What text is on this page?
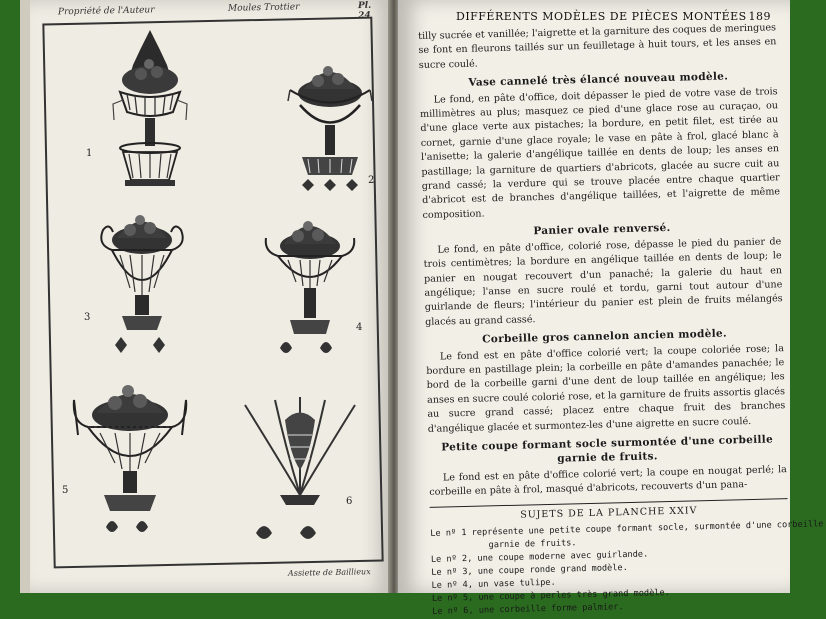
Propriété de l'Auteur	Moules Trottier	Pl. 24
1
2
3
4
5
6
Assiette de Baillieux
DIFFÉRENTS MODÈLES DE PIÈCES MONTÉES 189

tilly sucrée et vanillée; l'aigrette et la garniture des coques de meringues se font en fleurons taillés sur un feuilletage à huit tours, et les anses en sucre coulé.

Vase cannelé très élancé nouveau modèle.

Le fond, en pâte d'office, doit dépasser le pied de votre vase de trois millimètres au plus; masquez ce pied d'une glace rose au curaçao, ou d'une glace verte aux pistaches; la bordure, en petit filet, est tirée au cornet, garnie d'une glace royale; le vase en pâte à frol, glacé blanc à l'anisette; la galerie d'angélique taillée en dents de loup; les anses en pastillage; la garniture de quartiers d'abricots, glacée au sucre cuit au grand cassé; la verdure qui se trouve placée entre chaque quartier d'abricot est de branches d'angélique taillées, et l'aigrette de même composition.

Panier ovale renversé.

Le fond, en pâte d'office, colorié rose, dépasse le pied du panier de trois centimètres; la bordure en angélique taillée en dents de loup; le panier en nougat recouvert d'un panaché; la galerie du haut en angélique; l'anse en sucre roulé et tordu, garni tout autour d'une guirlande de fleurs; l'intérieur du panier est plein de fruits mélangés glacés au grand cassé.

Corbeille gros cannelon ancien modèle.

Le fond est en pâte d'office colorié vert; la coupe coloriée rose; la bordure en pastillage plein; la corbeille en pâte d'amandes panachée; le bord de la corbeille garni d'une dent de loup taillée en angélique; les anses en sucre coulé colorié rose, et la garniture de fruits assortis glacés au sucre grand cassé; placez entre chaque fruit des branches d'angélique glacée et surmontez-les d'une aigrette en sucre coulé.

Petite coupe formant socle surmontée d'une corbeille garnie de fruits.

Le fond est en pâte d'office colorié vert; la coupe en nougat perlé; la corbeille en pâte à frol, masqué d'abricots, recouverts d'un pana-

SUJETS DE LA PLANCHE XXIV
Le nº 1 représente une petite coupe formant socle, surmontée d'une corbeille
garnie de fruits.
Le nº 2, une coupe moderne avec guirlande.
Le nº 3, une coupe ronde grand modèle.
Le nº 4, un vase tulipe.
Le nº 5, une coupe à perles très grand modèle.
Le nº 6, une corbeille forme palmier.
